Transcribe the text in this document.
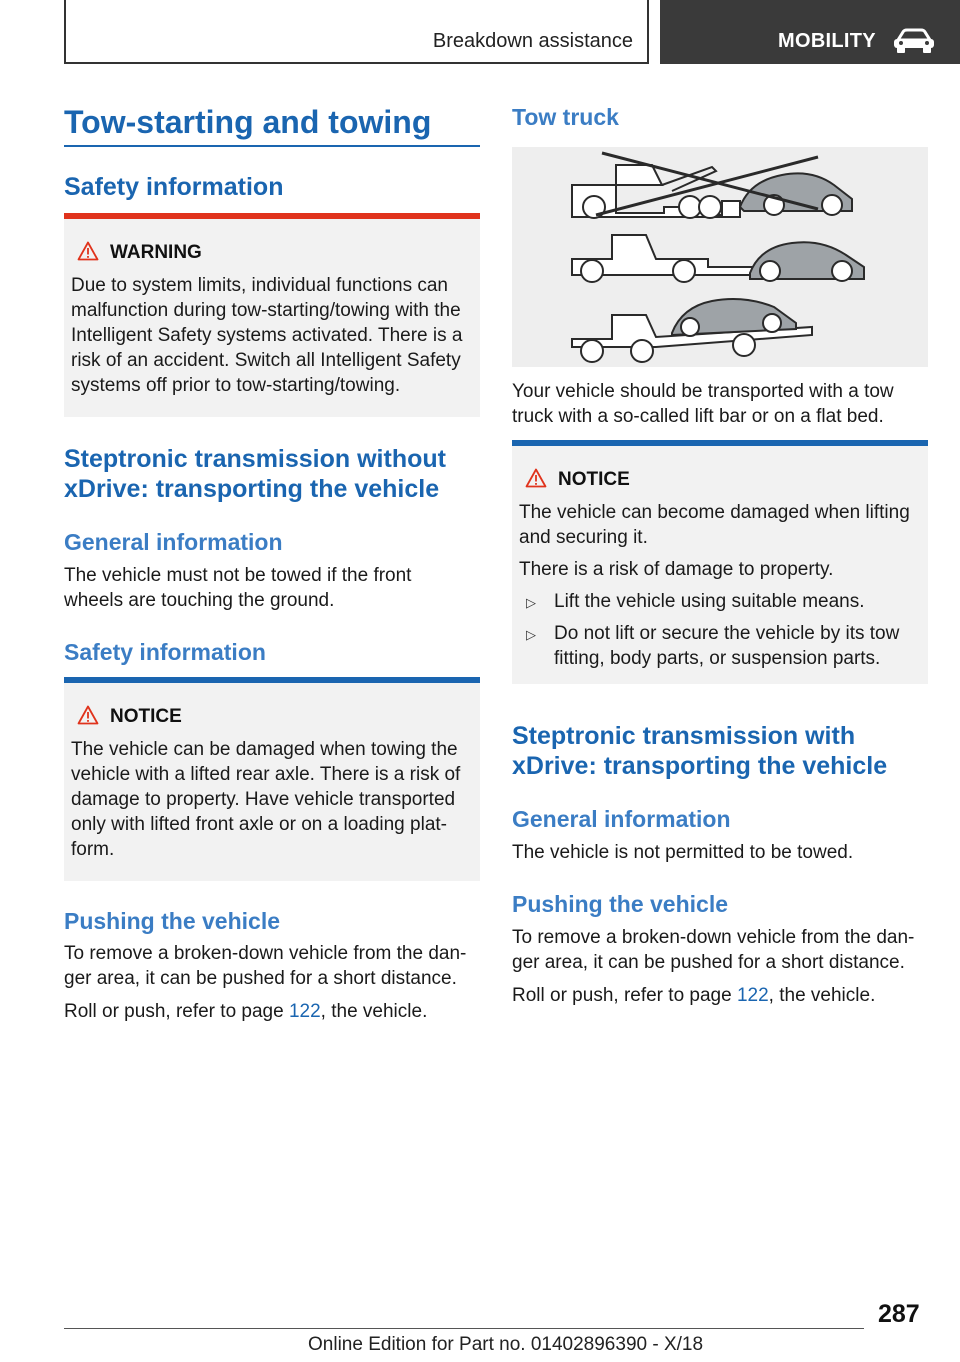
Breakdown assistance	MOBILITY
Tow-starting and towing
Safety information
WARNING

Due to system limits, individual functions can
malfunction during tow-starting/towing with the
Intelligent Safety systems activated. There is a
risk of an accident. Switch all Intelligent Safety
systems off prior to tow-starting/towing.

Steptronic transmission without
xDrive: transporting the vehicle
General information

The vehicle must not be towed if the front
wheels are touching the ground.

Safety information
NOTICE

The vehicle can be damaged when towing the
vehicle with a lifted rear axle. There is a risk of
damage to property. Have vehicle transported
only with lifted front axle or on a loading plat-
form.

Pushing the vehicle

To remove a broken-down vehicle from the dan-
ger area, it can be pushed for a short distance.

Roll or push, refer to page 122, the vehicle.

Tow truck

Your vehicle should be transported with a tow
truck with a so-called lift bar or on a flat bed.

NOTICE

The vehicle can become damaged when lifting
and securing it.

There is a risk of damage to property.

▷ Lift the vehicle using suitable means.

▷ Do not lift or secure the vehicle by its tow
fitting, body parts, or suspension parts.

Steptronic transmission with
xDrive: transporting the vehicle
General information

The vehicle is not permitted to be towed.

Pushing the vehicle

To remove a broken-down vehicle from the dan-
ger area, it can be pushed for a short distance.

Roll or push, refer to page 122, the vehicle.

287
Online Edition for Part no. 01402896390 - X/18
